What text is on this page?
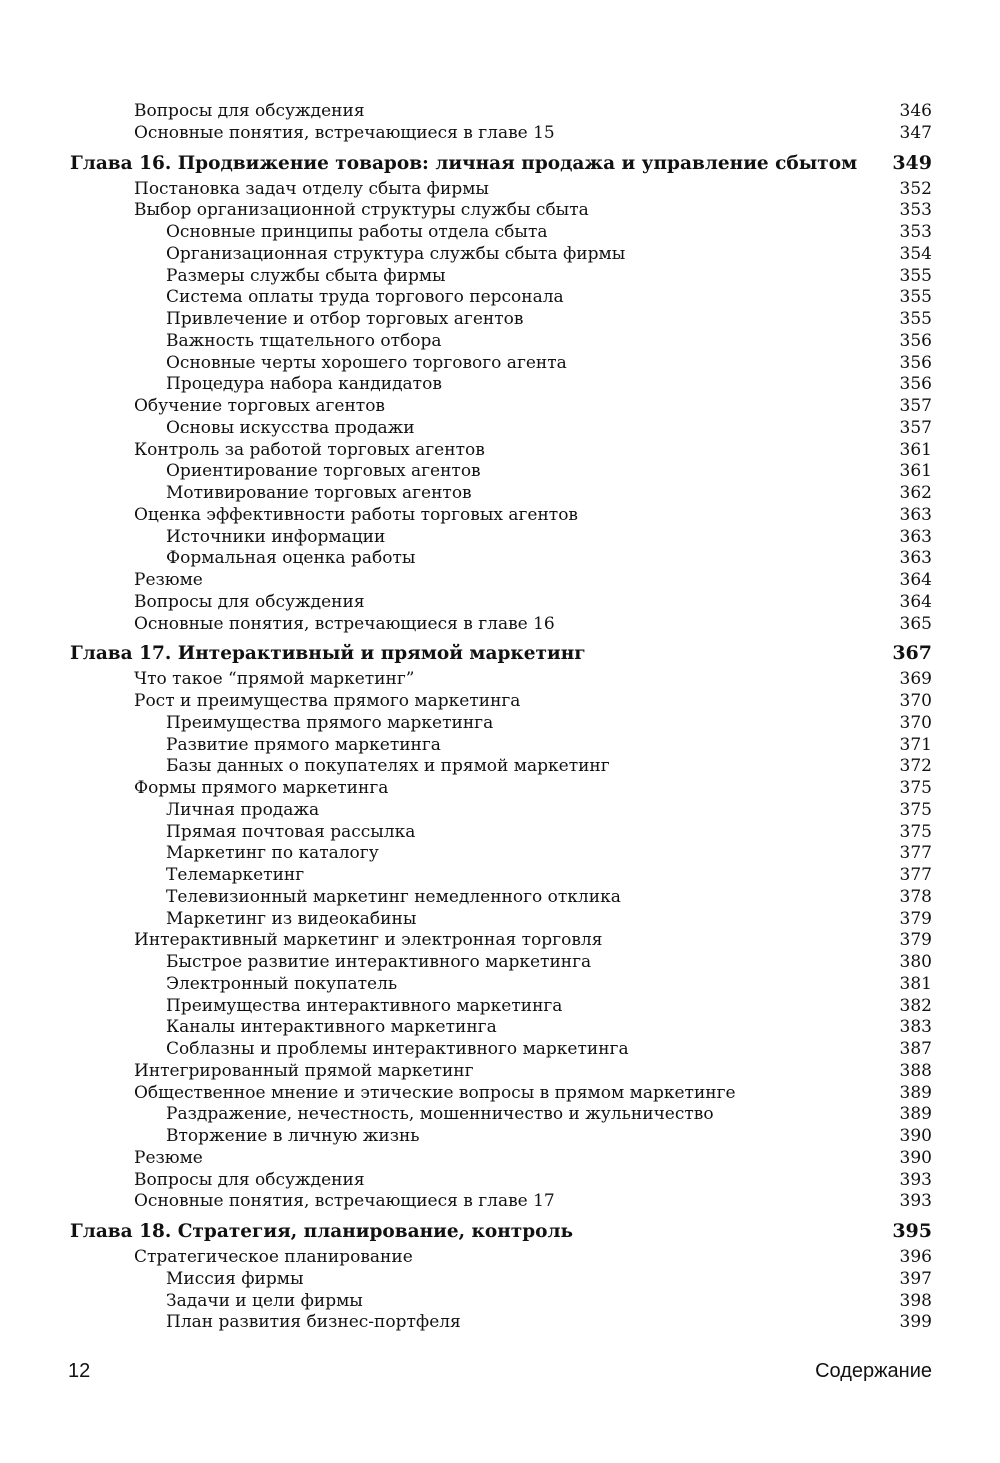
Вопросы для обсуждения	346
Основные понятия, встречающиеся в главе 15	347
Глава 16. Продвижение товаров: личная продажа и управление сбытом 349
Постановка задач отделу сбыта фирмы	352
Выбор организационной структуры службы сбыта	353
Основные принципы работы отдела сбыта	353
Организационная структура службы сбыта фирмы	354
Размеры службы сбыта фирмы	355
Система оплаты труда торгового персонала	355
Привлечение и отбор торговых агентов	355
Важность тщательного отбора	356
Основные черты хорошего торгового агента	356
Процедура набора кандидатов	356
Обучение торговых агентов	357
Основы искусства продажи	357
Контроль за работой торговых агентов	361
Ориентирование торговых агентов	361
Мотивирование торговых агентов	362
Оценка эффективности работы торговых агентов	363
Источники информации	363
Формальная оценка работы	363
Резюме	364
Вопросы для обсуждения	364
Основные понятия, встречающиеся в главе 16	365
Глава 17. Интерактивный и прямой маркетинг	367
Что такое “прямой маркетинг”	369
Рост и преимущества прямого маркетинга	370
Преимущества прямого маркетинга	370
Развитие прямого маркетинга	371
Базы данных о покупателях и прямой маркетинг	372
Формы прямого маркетинга	375
Личная продажа	375
Прямая почтовая рассылка	375
Маркетинг по каталогу	377
Телемаркетинг	377
Телевизионный маркетинг немедленного отклика	378
Маркетинг из видеокабины	379
Интерактивный маркетинг и электронная торговля	379
Быстрое развитие интерактивного маркетинга	380
Электронный покупатель	381
Преимущества интерактивного маркетинга	382
Каналы интерактивного маркетинга	383
Соблазны и проблемы интерактивного маркетинга	387
Интегрированный прямой маркетинг	388
Общественное мнение и этические вопросы в прямом маркетинге	389
Раздражение, нечестность, мошенничество и жульничество	389
Вторжение в личную жизнь	390
Резюме	390
Вопросы для обсуждения	393
Основные понятия, встречающиеся в главе 17	393
Глава 18. Стратегия, планирование, контроль	395
Стратегическое планирование	396
Миссия фирмы	397
Задачи и цели фирмы	398
План развития бизнес-портфеля	399
12	Содержание
